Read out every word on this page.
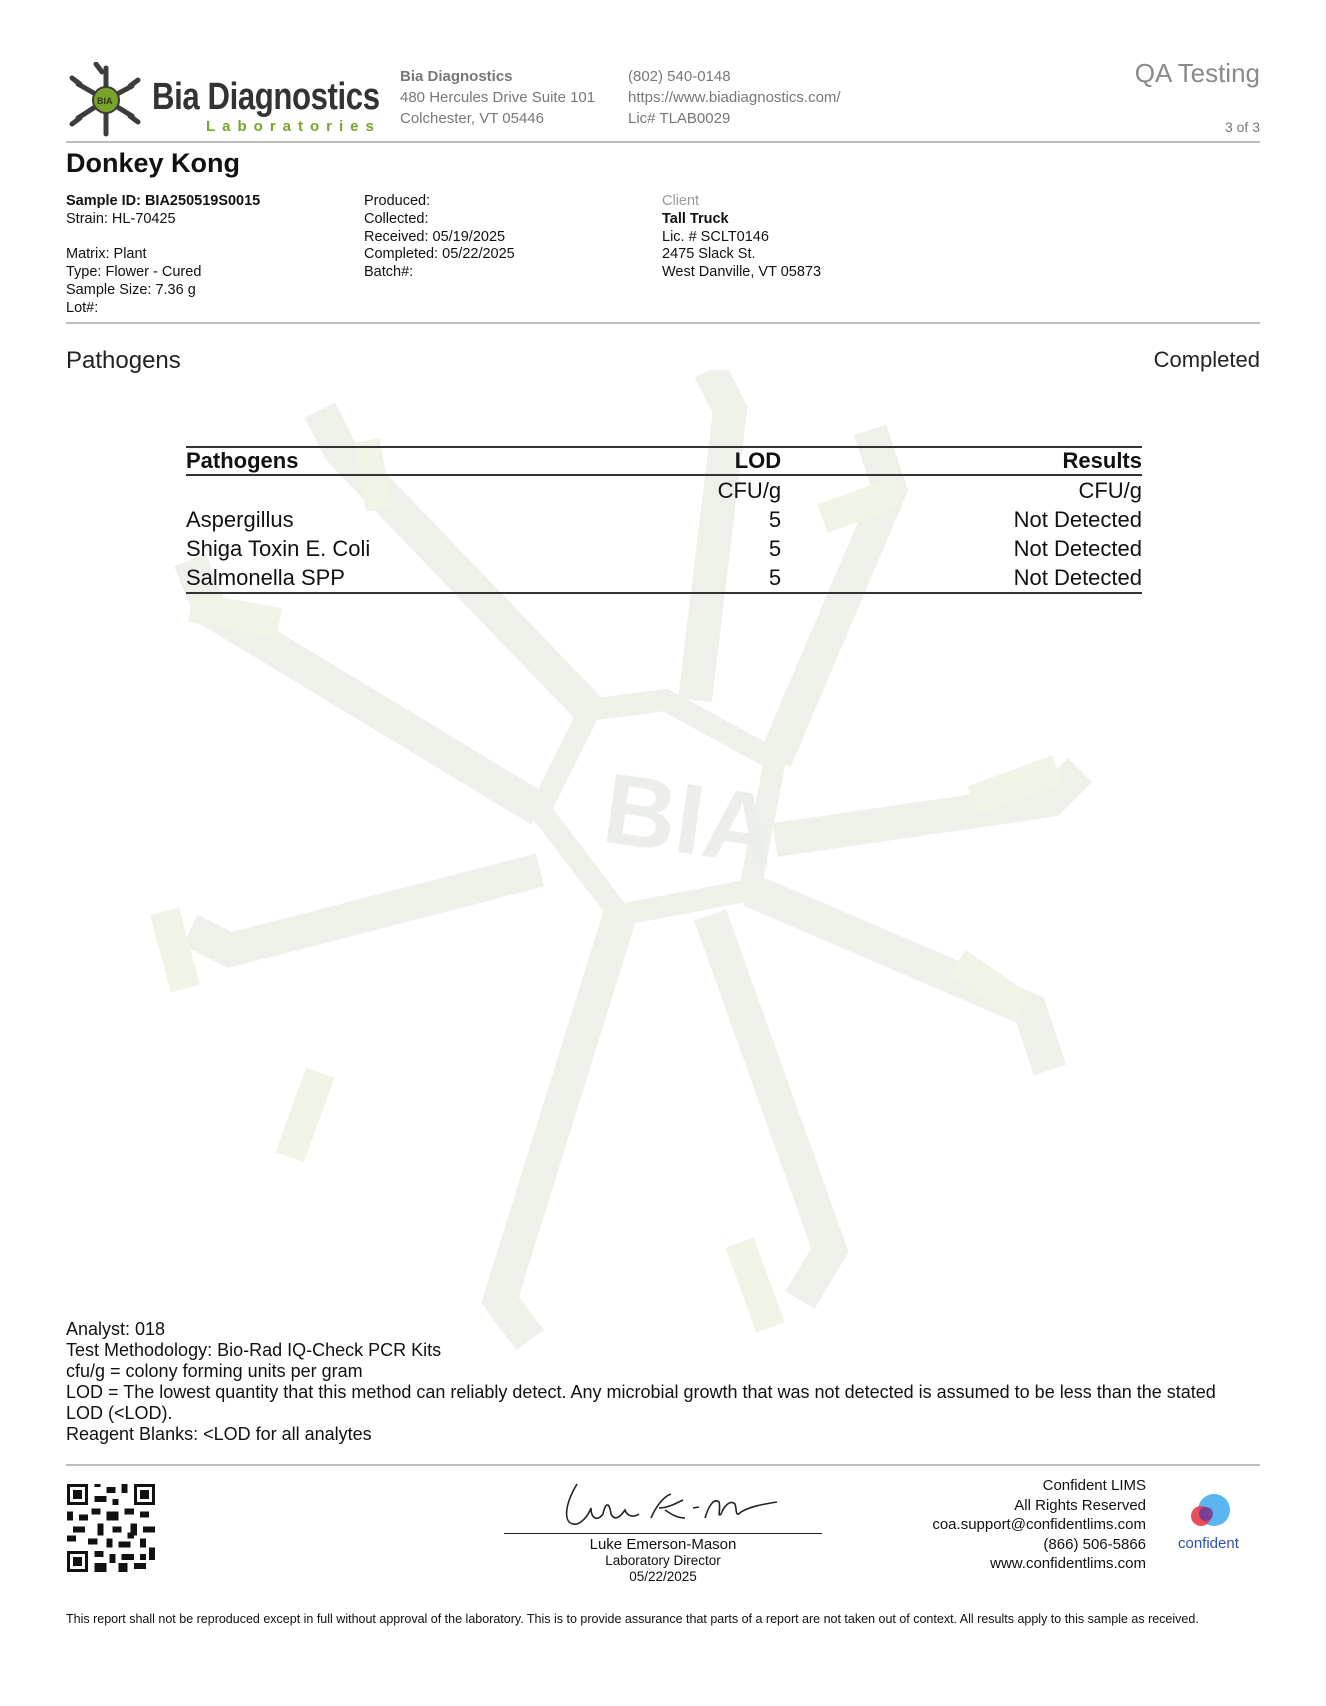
BIA
BIA Bia Diagnostics
Laboratories
Bia Diagnostics
480 Hercules Drive Suite 101
Colchester, VT 05446
(802) 540-0148
https://www.biadiagnostics.com/
Lic# TLAB0029
QA Testing
3 of 3
Donkey Kong
Sample ID: BIA250519S0015
Strain: HL-70425
Matrix: Plant
Type: Flower - Cured
Sample Size: 7.36 g
Lot#:
Produced:
Collected:
Received: 05/19/2025
Completed: 05/22/2025
Batch#:
Client
Tall Truck
Lic. # SCLT0146
2475 Slack St.
West Danville, VT 05873
Pathogens	Completed
Pathogens	LOD	Results
	CFU/g	CFU/g
Aspergillus	5	Not Detected
Shiga Toxin E. Coli	5	Not Detected
Salmonella SPP	5	Not Detected
Analyst: 018
Test Methodology: Bio-Rad IQ-Check PCR Kits
cfu/g = colony forming units per gram
LOD = The lowest quantity that this method can reliably detect. Any microbial growth that was not detected is assumed to be less than the stated LOD (<LOD).
Reagent Blanks: <LOD for all analytes
Luke Emerson-Mason
Laboratory Director
05/22/2025
Confident LIMS
All Rights Reserved
coa.support@confidentlims.com
(866) 506-5866
www.confidentlims.com
confident
This report shall not be reproduced except in full without approval of the laboratory. This is to provide assurance that parts of a report are not taken out of context. All results apply to this sample as received.
